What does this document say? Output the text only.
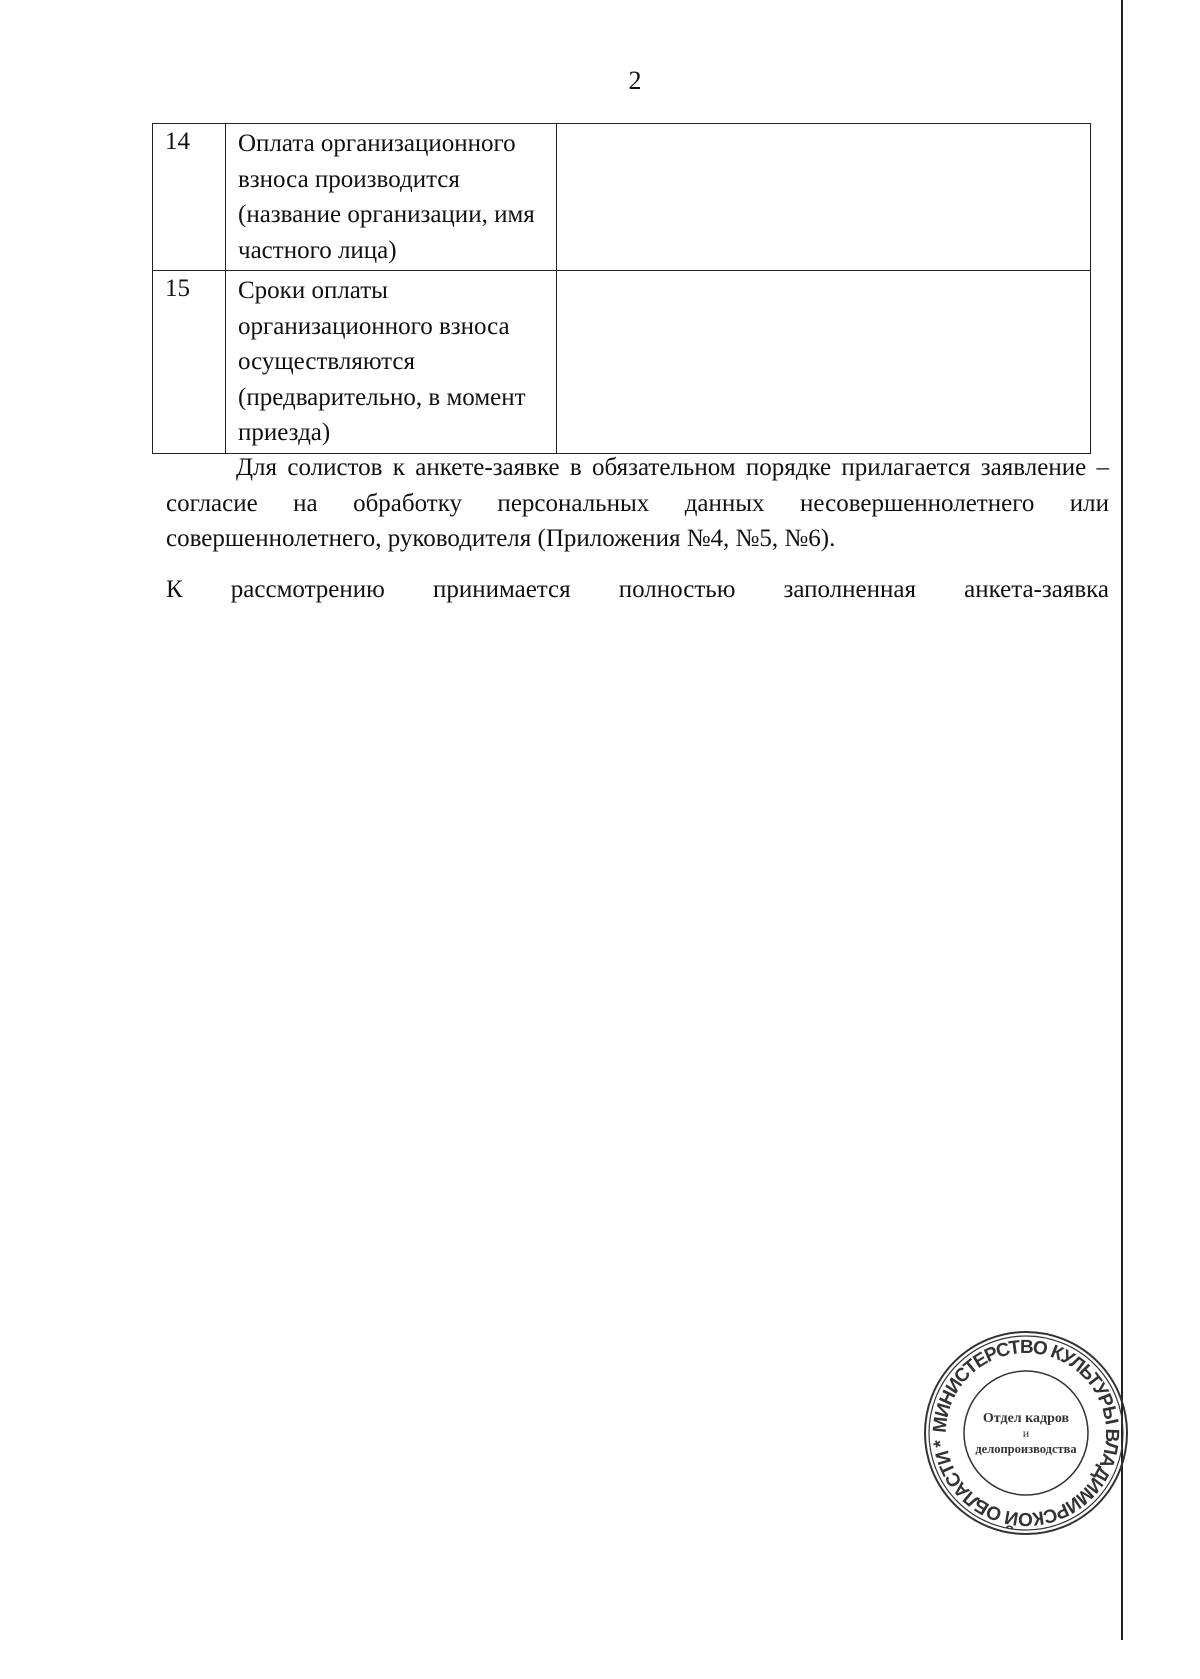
2
14	Оплата организационного взноса производится (название организации, имя частного лица)	
15	Сроки оплаты организационного взноса осуществляются (предварительно, в момент приезда)	
Для солистов к анкете-заявке в обязательном порядке прилагается заявление – согласие на обработку персональных данных несовершеннолетнего или совершеннолетнего, руководителя (Приложения №4, №5, №6).
К рассмотрению принимается полностью заполненная анкета-заявка
МИНИСТЕРСТВО КУЛЬТУРЫ ВЛАДИМИРСКОЙ ОБЛАСТИ *
Отдел кадров
и
делопроизводства
